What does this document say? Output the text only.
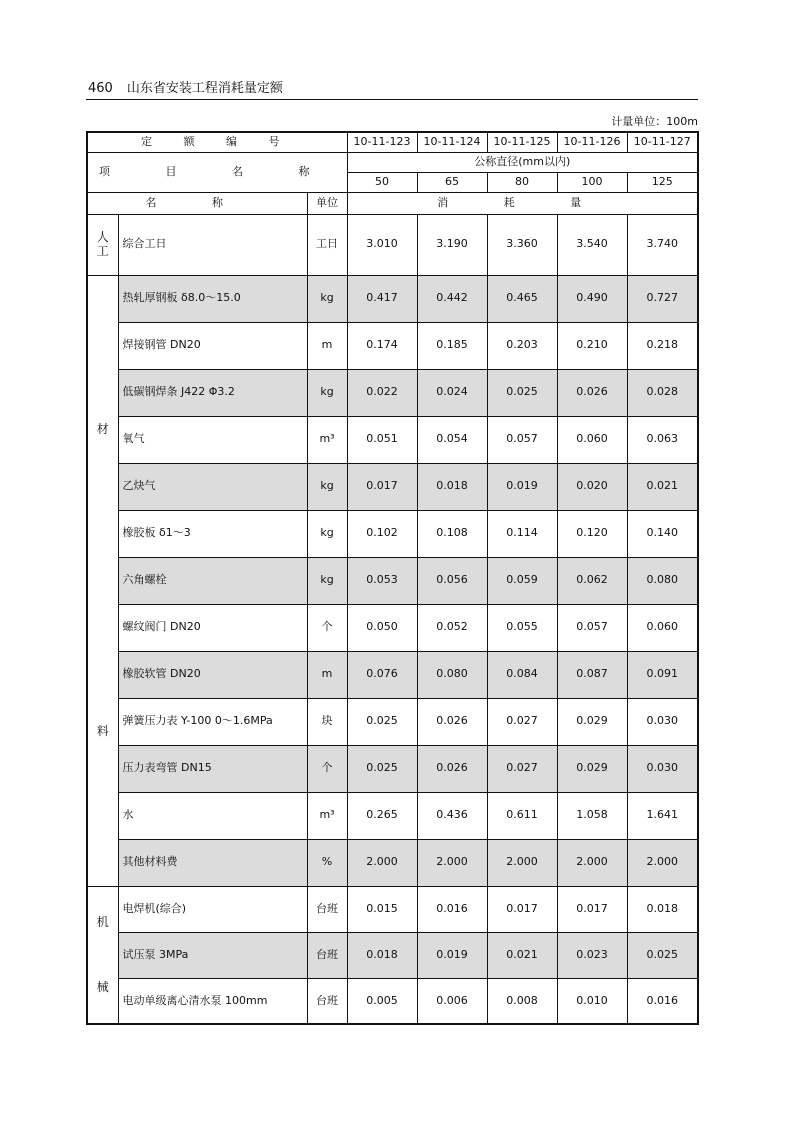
460 山东省安装工程消耗量定额
计量单位：100m
定 额 编 号			10-11-123	10-11-124	10-11-125	10-11-126	10-11-127
项 目 名 称			公称直径(mm以内)				
			50	65	80	100	125
名 称		单位	消 耗 量				

人
工	综合工日	工日	3.010	3.190	3.360	3.540	3.740

材
料	热轧厚钢板 δ8.0～15.0	kg	0.417	0.442	0.465	0.490	0.727
	焊接钢管 DN20	m	0.174	0.185	0.203	0.210	0.218
	低碳钢焊条 J422 Φ3.2	kg	0.022	0.024	0.025	0.026	0.028
	氧气	m³	0.051	0.054	0.057	0.060	0.063
	乙炔气	kg	0.017	0.018	0.019	0.020	0.021
	橡胶板 δ1～3	kg	0.102	0.108	0.114	0.120	0.140
	六角螺栓	kg	0.053	0.056	0.059	0.062	0.080
	螺纹阀门 DN20	个	0.050	0.052	0.055	0.057	0.060
	橡胶软管 DN20	m	0.076	0.080	0.084	0.087	0.091
	弹簧压力表 Y-100 0～1.6MPa	块	0.025	0.026	0.027	0.029	0.030
	压力表弯管 DN15	个	0.025	0.026	0.027	0.029	0.030
	水	m³	0.265	0.436	0.611	1.058	1.641
	其他材料费	%	2.000	2.000	2.000	2.000	2.000

机
械	电焊机(综合)	台班	0.015	0.016	0.017	0.017	0.018
	试压泵 3MPa	台班	0.018	0.019	0.021	0.023	0.025
	电动单级离心清水泵 100mm	台班	0.005	0.006	0.008	0.010	0.016
